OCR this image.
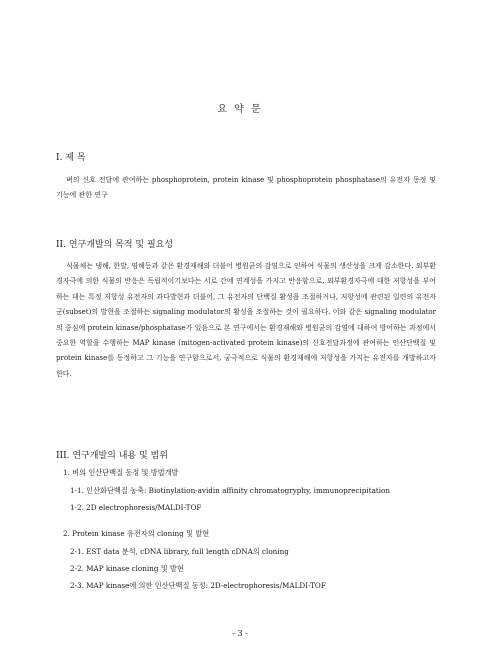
요 약 문
I. 제 목
벼의 신호 전달에 관여하는 phosphoprotein, protein kinase 및 phosphoprotein phosphatase의 유전자 동정 및 기능에 관한 연구
II. 연구개발의 목적 및 필요성
식물체는 냉해, 한발, 염해등과 같은 환경재해와 더불어 병원균의 감염으로 인하여 식물의 생산성을 크게 감소한다. 외부환경자극에 의한 식물의 반응은 독립적이기보다는 서로 간에 연계성을 가지고 반응함으로, 외부환경자극에 대한 저항성을 부여하는 데는 특정 저항성 유전자의 과다발현과 더불어, 그 유전자의 단백질 활성을 조절하거나, 저항성에 관련된 일련의 유전자 군(subset)의 발현을 조절하는 signaling modulator의 활성을 조절하는 것이 필요하다. 이와 같은 signaling modulator의 중심에 protein kinase/phosphatase가 있음으로 본 연구에서는 환경재해와 병원균의 감염에 대하여 방어하는 과정에서 중요한 역할을 수행하는 MAP kinase (mitogen-activated protein kinase)의 신호전달과정에 관여하는 인산단백질 및 protein kinase를 동정하고 그 기능을 연구함으로서, 궁극적으로 식물의 환경재해에 저항성을 가지는 유전자를 개발하고자 한다.
III. 연구개발의 내용 및 범위
1. 벼의 인산단백질 동정 및 방법개발
1-1. 인산화단백질 농축: Biotinylation-avidin affinity chromatogryphy, immunoprecipitation
1-2. 2D electrophoresis/MALDI-TOF
2. Protein kinase 유전자의 cloning 및 발현
2-1. EST data 분석, cDNA library, full length cDNA의 cloning
2-2. MAP kinase cloning 및 발현
2-3. MAP kinase에 의한 인산단백질 동정: 2D-electrophoresis/MALDI-TOF
- 3 -
